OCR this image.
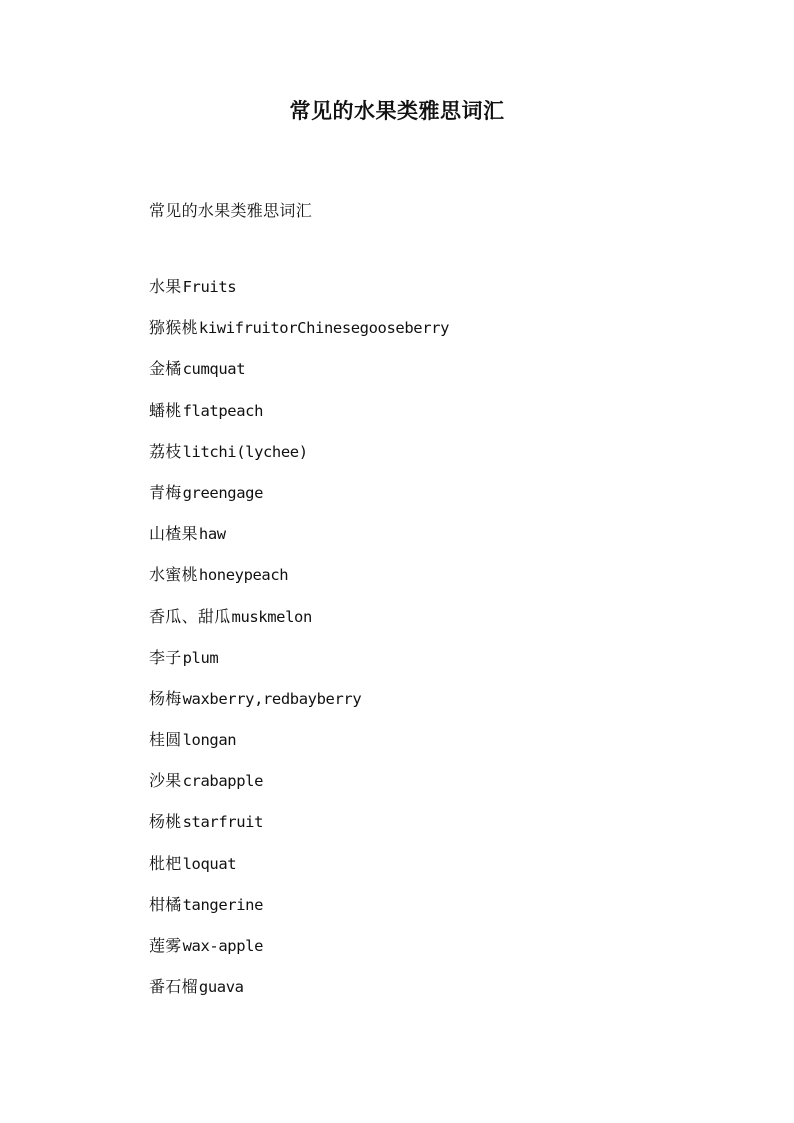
常见的水果类雅思词汇
常见的水果类雅思词汇
水果Fruits
猕猴桃kiwifruitorChinesegooseberry
金橘cumquat
蟠桃flatpeach
荔枝litchi(lychee)
青梅greengage
山楂果haw
水蜜桃honeypeach
香瓜、甜瓜muskmelon
李子plum
杨梅waxberry,redbayberry
桂圆longan
沙果crabapple
杨桃starfruit
枇杷loquat
柑橘tangerine
莲雾wax-apple
番石榴guava
